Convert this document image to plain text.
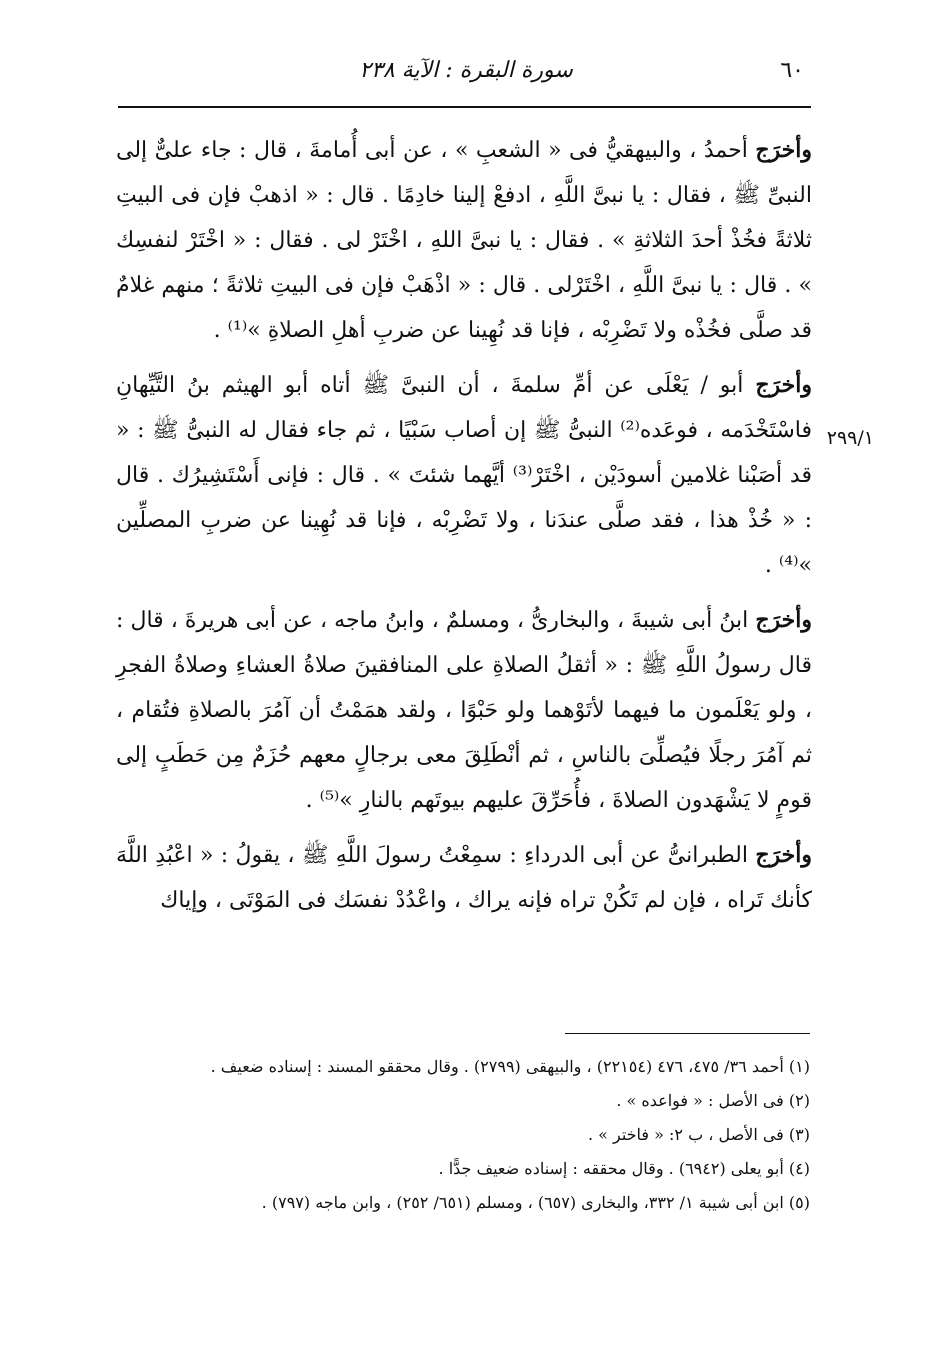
٦٠
سورة البقرة : الآية ٢٣٨
٢٩٩/١

وأخرَج أحمدُ ، والبيهقيُّ فى « الشعبِ » ، عن أبى أُمامةَ ، قال : جاء علىٌّ إلى النبىِّ ﷺ ، فقال : يا نبىَّ اللَّهِ ، ادفعْ إلينا خادِمًا . قال : « اذهبْ فإن فى البيتِ ثلاثةً فخُذْ أحدَ الثلاثةِ » . فقال : يا نبىَّ اللهِ ، اخْتَرْ لى . فقال : « اخْتَرْ لنفسِك » . قال : يا نبىَّ اللَّهِ ، اخْتَرْلى . قال : « اذْهَبْ فإن فى البيتِ ثلاثةً ؛ منهم غلامٌ قد صلَّى فخُذْه ولا تَضْرِبْه ، فإنا قد نُهِينا عن ضربِ أهلِ الصلاةِ »⁽¹⁾ .

وأخرَج أبو / يَعْلَى عن أمِّ سلمةَ ، أن النبىَّ ﷺ أتاه أبو الهيثم بنُ التَّيِّهانِ فاسْتَخْدَمه ، فوعَده⁽²⁾ النبىُّ ﷺ إن أصاب سَبْيًا ، ثم جاء فقال له النبىُّ ﷺ : « قد أصَبْنا غلامين أسودَيْن ، اخْتَرْ⁽³⁾ أيَّهما شئتَ » . قال : فإنى أَسْتَشِيرُك . قال : « خُذْ هذا ، فقد صلَّى عندَنا ، ولا تَضْرِبْه ، فإنا قد نُهِينا عن ضربِ المصلِّين »⁽⁴⁾ .

وأخرَج ابنُ أبى شيبةَ ، والبخارىُّ ، ومسلمٌ ، وابنُ ماجه ، عن أبى هريرةَ ، قال : قال رسولُ اللَّهِ ﷺ : « أثقلُ الصلاةِ على المنافقينَ صلاةُ العشاءِ وصلاةُ الفجرِ ، ولو يَعْلَمون ما فيهما لأتَوْهما ولو حَبْوًا ، ولقد همَمْتُ أن آمُرَ بالصلاةِ فتُقام ، ثم آمُرَ رجلًا فيُصلِّىَ بالناسِ ، ثم أنْطَلِقَ معى برجالٍ معهم حُزَمٌ مِن حَطَبٍ إلى قومٍ لا يَشْهَدون الصلاةَ ، فأُحَرِّقَ عليهم بيوتَهم بالنارِ »⁽⁵⁾ .

وأخرَج الطبرانىُّ عن أبى الدرداءِ : سمِعْتُ رسولَ اللَّهِ ﷺ ، يقولُ : « اعْبُدِ اللَّهَ كأنك تَراه ، فإن لم تَكُنْ تراه فإنه يراك ، واعْدُدْ نفسَك فى المَوْتَى ، وإياك

(١) أحمد ٣٦/ ٤٧٥، ٤٧٦ (٢٢١٥٤) ، والبيهقى (٢٧٩٩) . وقال محققو المسند : إسناده ضعيف .

(٢) فى الأصل : « فواعده » .

(٣) فى الأصل ، ب ٢: « فاختر » .

(٤) أبو يعلى (٦٩٤٢) . وقال محققه : إسناده ضعيف جدًّا .

(٥) ابن أبى شيبة ١/ ٣٣٢، والبخارى (٦٥٧) ، ومسلم (٦٥١/ ٢٥٢) ، وابن ماجه (٧٩٧) .
